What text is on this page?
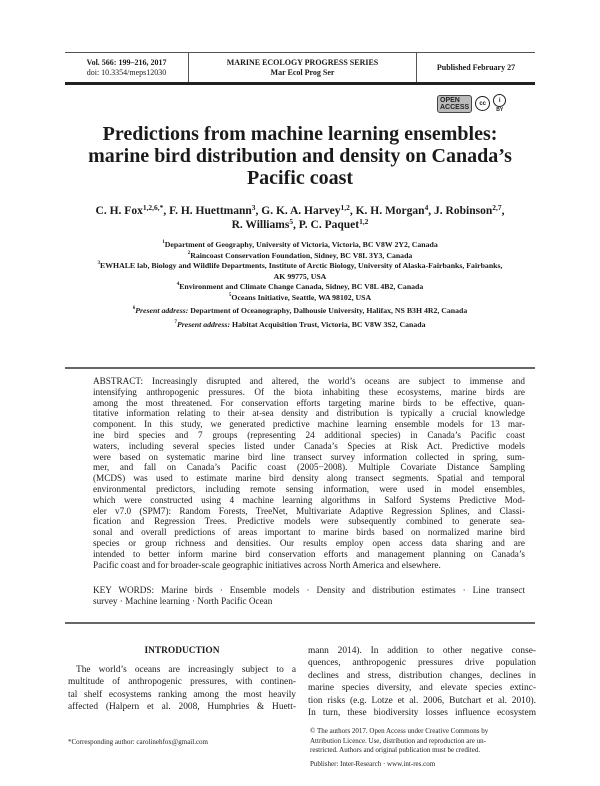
Vol. 566: 199–216, 2017
doi: 10.3354/meps12030
MARINE ECOLOGY PROGRESS SERIES
Mar Ecol Prog Ser
Published February 27
OPEN
ACCESS	cc	i
BY
Predictions from machine learning ensembles:
marine bird distribution and density on Canada’s
Pacific coast
C. H. Fox$^{1,2,6,*}$, F. H. Huettmann$^3$, G. K. A. Harvey$^{1,2}$, K. H. Morgan$^4$, J. Robinson$^{2,7}$,
R. Williams$^5$, P. C. Paquet$^{1,2}$
$^1$Department of Geography, University of Victoria, Victoria, BC V8W 2Y2, Canada
$^2$Raincoast Conservation Foundation, Sidney, BC V8L 3Y3, Canada
$^3$EWHALE lab, Biology and Wildlife Departments, Institute of Arctic Biology, University of Alaska-Fairbanks, Fairbanks,
AK 99775, USA
$^4$Environment and Climate Change Canada, Sidney, BC V8L 4B2, Canada
$^5$Oceans Initiative, Seattle, WA 98102, USA
$^6$Present address: Department of Oceanography, Dalhousie University, Halifax, NS B3H 4R2, Canada
$^7$Present address: Habitat Acquisition Trust, Victoria, BC V8W 3S2, Canada
ABSTRACT: Increasingly disrupted and altered, the world’s oceans are subject to immense and
intensifying anthropogenic pressures. Of the biota inhabiting these ecosystems, marine birds are
among the most threatened. For conservation efforts targeting marine birds to be effective, quan-
titative information relating to their at-sea density and distribution is typically a crucial knowledge
component. In this study, we generated predictive machine learning ensemble models for 13 mar-
ine bird species and 7 groups (representing 24 additional species) in Canada’s Pacific coast
waters, including several species listed under Canada’s Species at Risk Act. Predictive models
were based on systematic marine bird line transect survey information collected in spring, sum-
mer, and fall on Canada’s Pacific coast (2005−2008). Multiple Covariate Distance Sampling
(MCDS) was used to estimate marine bird density along transect segments. Spatial and temporal
environmental predictors, including remote sensing information, were used in model ensembles,
which were constructed using 4 machine learning algorithms in Salford Systems Predictive Mod-
eler v7.0 (SPM7): Random Forests, TreeNet, Multivariate Adaptive Regression Splines, and Classi-
fication and Regression Trees. Predictive models were subsequently combined to generate sea-
sonal and overall predictions of areas important to marine birds based on normalized marine bird
species or group richness and densities. Our results employ open access data sharing and are
intended to better inform marine bird conservation efforts and management planning on Canada’s
Pacific coast and for broader-scale geographic initiatives across North America and elsewhere.
KEY WORDS: Marine birds · Ensemble models · Density and distribution estimates · Line transect
survey · Machine learning · North Pacific Ocean
INTRODUCTION
The world’s oceans are increasingly subject to a
multitude of anthropogenic pressures, with continen-
tal shelf ecosystems ranking among the most heavily
affected (Halpern et al. 2008, Humphries & Huett-
mann 2014). In addition to other negative conse-
quences, anthropogenic pressures drive population
declines and stress, distribution changes, declines in
marine species diversity, and elevate species extinc-
tion risks (e.g. Lotze et al. 2006, Butchart et al. 2010).
In turn, these biodiversity losses influence ecosystem
*Corresponding author: carolinehfox@gmail.com
© The authors 2017. Open Access under Creative Commons by
Attribution Licence. Use, distribution and reproduction are un-
restricted. Authors and original publication must be credited.
Publisher: Inter-Research · www.int-res.com
